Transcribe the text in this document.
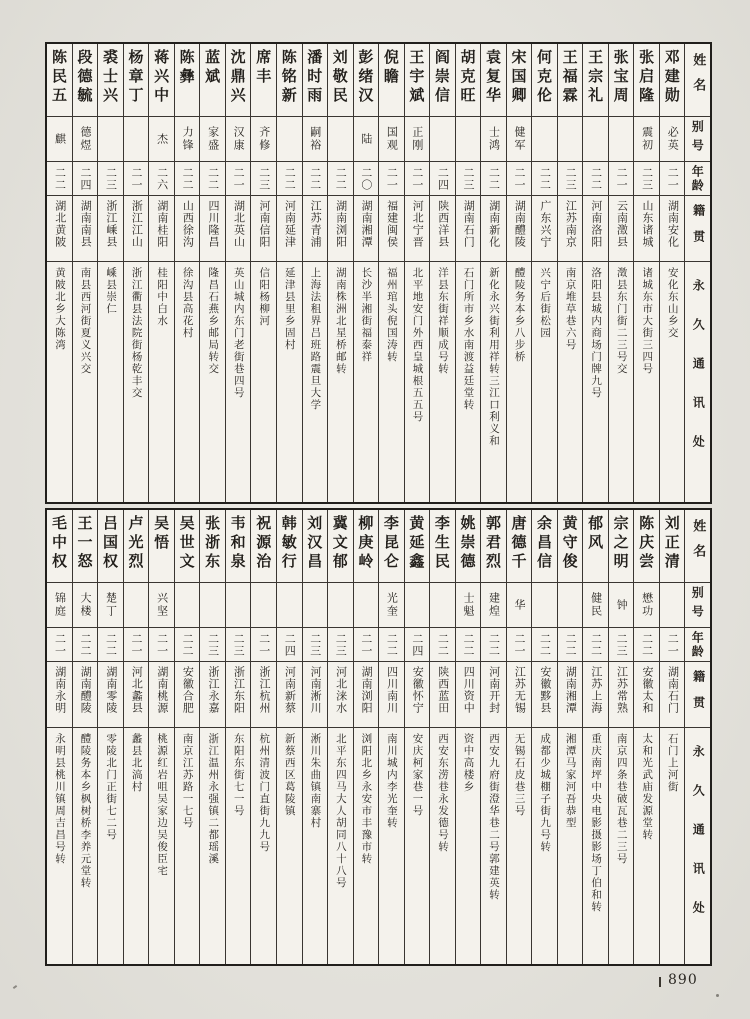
姓名
别号
年龄
籍贯
永久通讯处
邓建勋
必英
二一
湖南安化
安化东山乡交
张启隆
震初
二三
山东诸城
诸城东市大街三四号
张宝周
二一
云南澂县
澂县东门街二三号交
王宗礼
二二
河南洛阳
洛阳县城内商场门牌九号
王福霖
二三
江苏南京
南京堆草巷六号
何克伦
二二
广东兴宁
兴宁后街松园
宋国卿
健军
二一
湖南醴陵
醴陵务本乡八步桥
袁复华
士鸿
二二
湖南新化
新化永兴街利用祥转三江口利义和
胡克旺
二三
湖南石门
石门所市乡水南渡益廷堂转
阎崇信
二四
陕西洋县
洋县东街祥顺成号转
王宇斌
正刚
二一
河北宁晋
北平地安门外西皇城根五五号
倪瞻
国观
二一
福建闽侯
福州琯头倪国涛转
彭绪汉
陆
二〇
湖南湘潭
长沙半湘街福泰祥
刘敬民
二二
湖南浏阳
湖南株洲北星桥邮转
潘时雨
嗣裕
二二
江苏青浦
上海法租界吕班路震旦大学
陈铭新
二二
河南延津
延津县里乡固村
席丰
齐修
二三
河南信阳
信阳杨柳河
沈鼎兴
汉康
二一
湖北英山
英山城内东门老街巷四号
蓝斌
家盛
二二
四川隆昌
隆昌石燕乡邮局转交
陈彝
力锋
二二
山西徐沟
徐沟县高花村
蒋兴中
杰
二六
湖南桂阳
桂阳中白水
杨章丁
二一
浙江江山
浙江衢县法院街杨乾丰交
裘士兴
二三
浙江嵊县
嵊县崇仁
段德毓
德煜
二四
湖南南县
南县西河街夏义兴交
陈民五
麒
二二
湖北黄陂
黄陂北乡大陈湾
姓名
别号
年龄
籍贯
永久通讯处
刘正清
二一
湖南石门
石门上河街
陈庆尝
懋功
二二
安徽太和
太和光武庙发源堂转
宗之明
钟
二三
江苏常熟
南京四条巷破瓦巷二三号
郁风
健民
二二
江苏上海
重庆南坪中央电影摄影场丁伯和转
黄守俊
二二
湖南湘潭
湘潭马家河吾恭型
余昌信
二二
安徽黟县
成都少城棚子街九号转
唐德千
华
二一
江苏无锡
无锡石皮巷三号
郭君烈
建煌
二二
河南开封
西安九府街澄华巷二号郭建英转
姚崇德
士魁
二二
四川资中
资中高楼乡
李生民
二二
陕西蓝田
西安东涝巷永发德号转
黄延鑫
二四
安徽怀宁
安庆柯家巷一号
李昆仑
光奎
二二
四川南川
南川城内李光奎转
柳庚岭
二一
湖南浏阳
浏阳北乡永安市丰豫市转
冀文郁
二三
河北涞水
北平东四马大人胡同八十八号
刘汉昌
二三
河南淅川
淅川朱曲镇南寨村
韩敏行
二四
河南新蔡
新蔡西区葛陵镇
祝源治
二一
浙江杭州
杭州清波门直街九九号
韦和泉
二三
浙江东阳
东阳东街七一号
张浙东
二三
浙江永嘉
浙江温州永强镇二都瑶溪
吴世文
二二
安徽合肥
南京江苏路一七号
吴悟
兴坚
二一
湖南桃源
桃源红岩咀吴家边吴俊臣宅
卢光烈
二一
河北蠡县
蠡县北滈村
吕国权
楚丁
二二
湖南零陵
零陵北门正街七二号
王一怒
大楼
二二
湖南醴陵
醴陵务本乡枫树桥李养元堂转
毛中权
锦庭
二一
湖南永明
永明县桃川镇周吉昌号转
890
